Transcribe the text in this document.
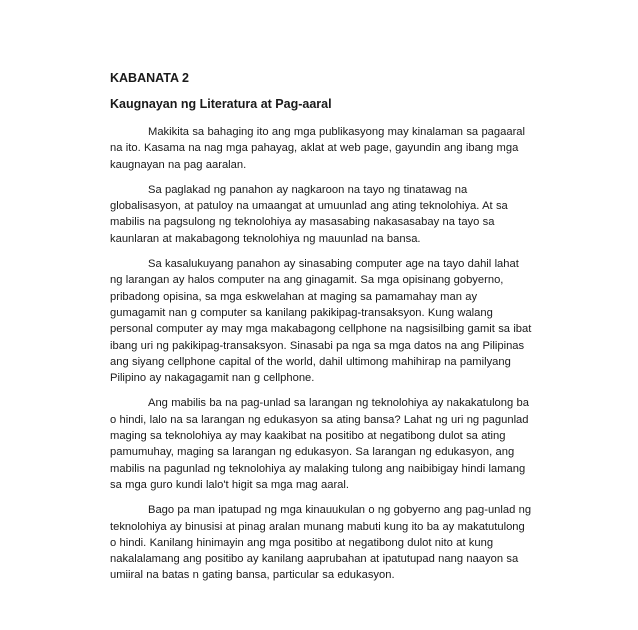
KABANATA 2
Kaugnayan ng Literatura at Pag-aaral

Makikita sa bahaging ito ang mga publikasyong may kinalaman sa pagaaral na ito. Kasama na nag mga pahayag, aklat at web page, gayundin ang ibang mga kaugnayan na pag aaralan.

Sa paglakad ng panahon ay nagkaroon na tayo ng tinatawag na globalisasyon, at patuloy na umaangat at umuunlad ang ating teknolohiya. At sa mabilis na pagsulong ng teknolohiya ay masasabing nakasasabay na tayo sa kaunlaran at makabagong teknolohiya ng mauunlad na bansa.

Sa kasalukuyang panahon ay sinasabing computer age na tayo dahil lahat ng larangan ay halos computer na ang ginagamit. Sa mga opisinang gobyerno, pribadong opisina, sa mga eskwelahan at maging sa pamamahay man ay gumagamit nan g computer sa kanilang pakikipag-transaksyon. Kung walang personal computer ay may mga makabagong cellphone na nagsisilbing gamit sa ibat ibang uri ng pakikipag-transaksyon. Sinasabi pa nga sa mga datos na ang Pilipinas ang siyang cellphone capital of the world, dahil ultimong mahihirap na pamilyang Pilipino ay nakagagamit nan g cellphone.

Ang mabilis ba na pag-unlad sa larangan ng teknolohiya ay nakakatulong ba o hindi, lalo na sa larangan ng edukasyon sa ating bansa? Lahat ng uri ng pagunlad maging sa teknolohiya ay may kaakibat na positibo at negatibong dulot sa ating pamumuhay, maging sa larangan ng edukasyon. Sa larangan ng edukasyon, ang mabilis na pagunlad ng teknolohiya ay malaking tulong ang naibibigay hindi lamang sa mga guro kundi lalo't higit sa mga mag aaral.

Bago pa man ipatupad ng mga kinauukulan o ng gobyerno ang pag-unlad ng teknolohiya ay binusisi at pinag aralan munang mabuti kung ito ba ay makatutulong o hindi. Kanilang hinimayin ang mga positibo at negatibong dulot nito at kung nakalalamang ang positibo ay kanilang aaprubahan at ipatutupad nang naayon sa umiiral na batas n gating bansa, particular sa edukasyon.
